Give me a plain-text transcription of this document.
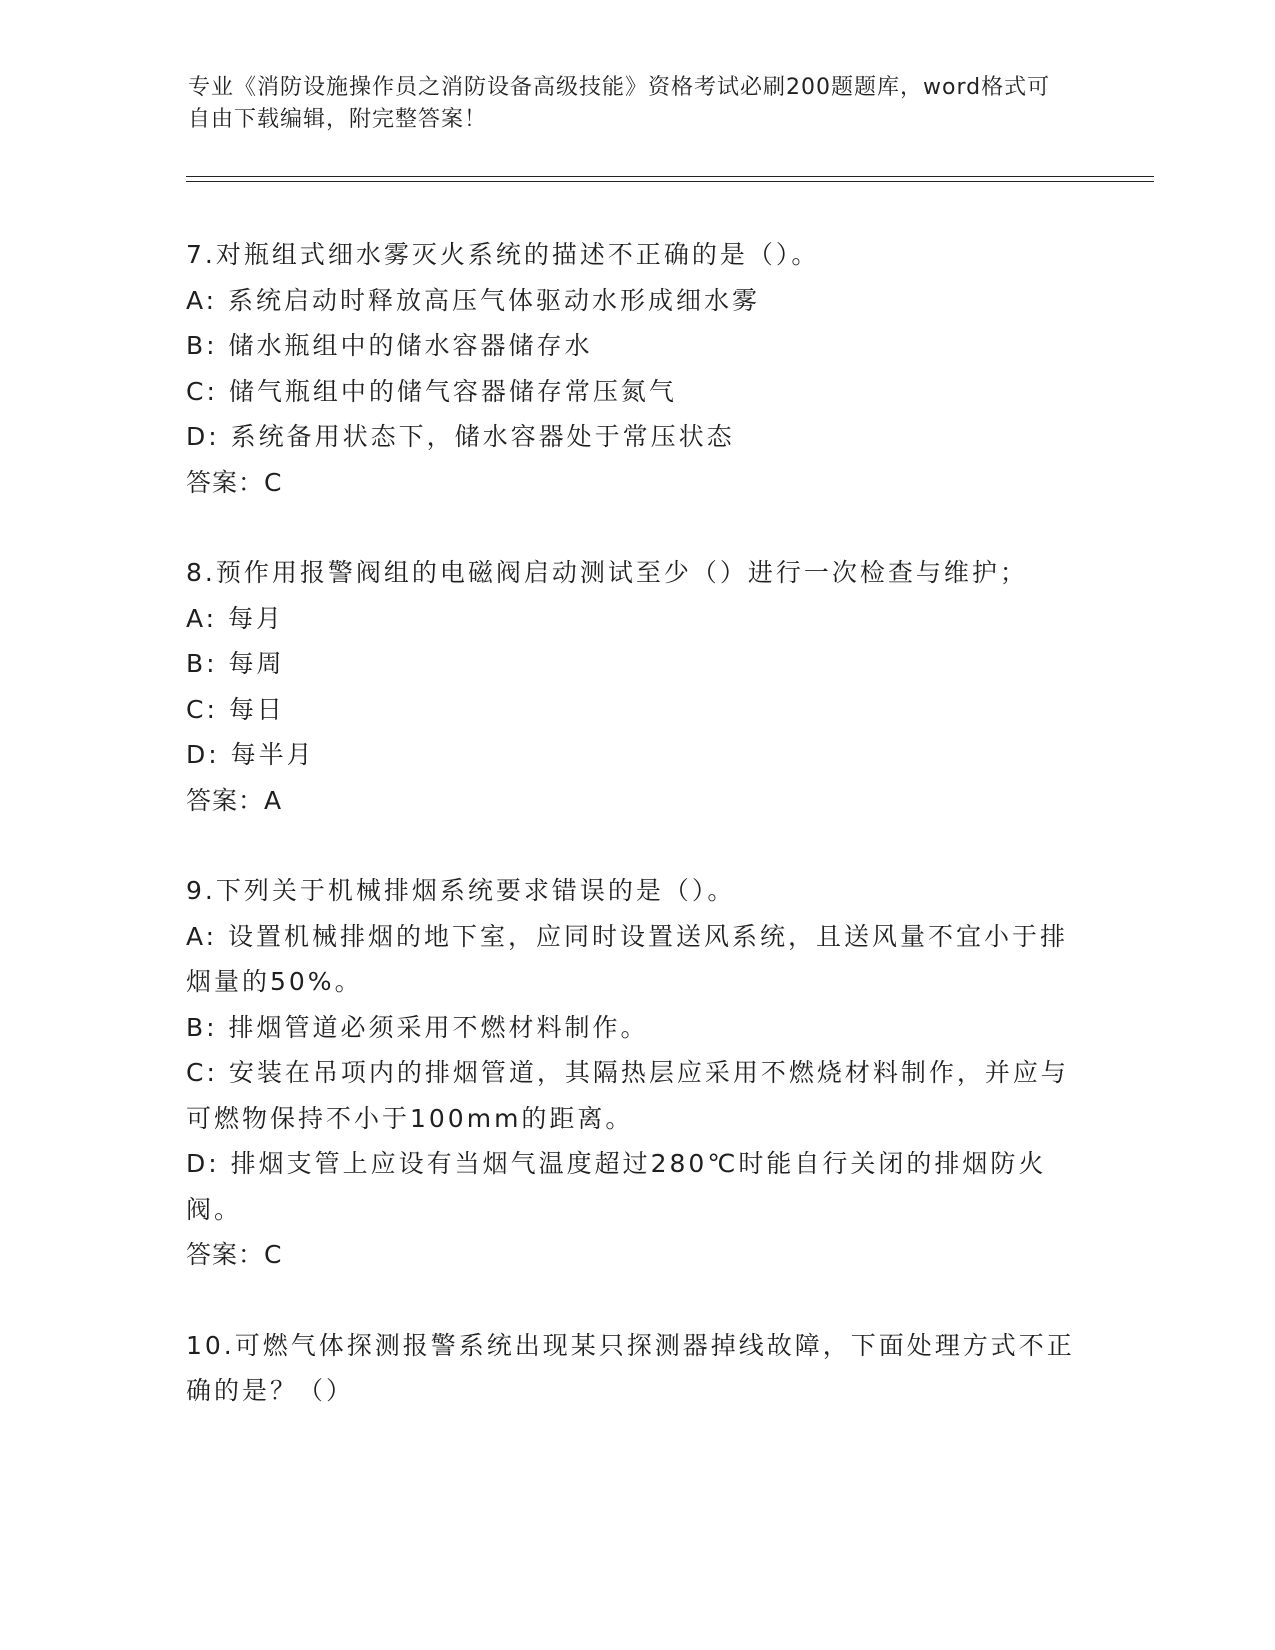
专业《消防设施操作员之消防设备高级技能》资格考试必刷200题题库，word格式可自由下载编辑，附完整答案！
7.对瓶组式细水雾灭火系统的描述不正确的是（）。
A: 系统启动时释放高压气体驱动水形成细水雾
B: 储水瓶组中的储水容器储存水
C: 储气瓶组中的储气容器储存常压氮气
D: 系统备用状态下，储水容器处于常压状态
答案：C
8.预作用报警阀组的电磁阀启动测试至少（）进行一次检查与维护；
A: 每月
B: 每周
C: 每日
D: 每半月
答案：A
9.下列关于机械排烟系统要求错误的是（）。
A: 设置机械排烟的地下室，应同时设置送风系统，且送风量不宜小于排烟量的50%。
B: 排烟管道必须采用不燃材料制作。
C: 安装在吊项内的排烟管道，其隔热层应采用不燃烧材料制作，并应与可燃物保持不小于100mm的距离。
D: 排烟支管上应设有当烟气温度超过280℃时能自行关闭的排烟防火阀。
答案：C
10.可燃气体探测报警系统出现某只探测器掉线故障，下面处理方式不正确的是？（）
